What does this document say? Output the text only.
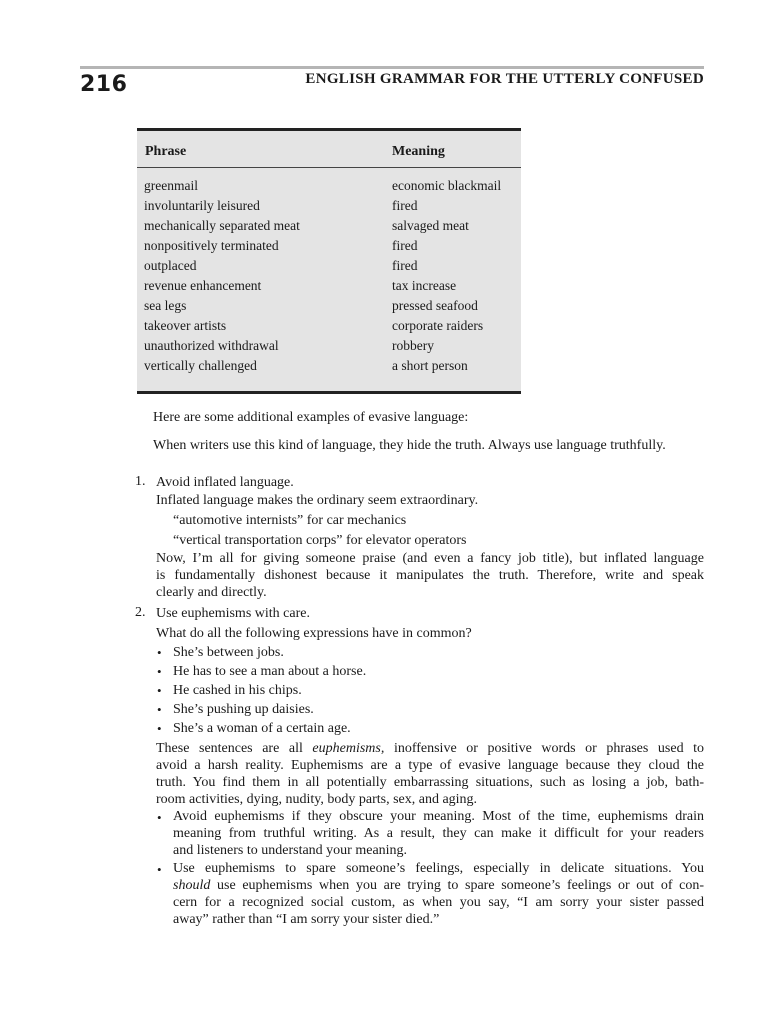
216	ENGLISH GRAMMAR FOR THE UTTERLY CONFUSED
Phrase	Meaning
greenmail	economic blackmail
involuntarily leisured	fired
mechanically separated meat	salvaged meat
nonpositively terminated	fired
outplaced	fired
revenue enhancement	tax increase
sea legs	pressed seafood
takeover artists	corporate raiders
unauthorized withdrawal	robbery
vertically challenged	a short person
Here are some additional examples of evasive language:
When writers use this kind of language, they hide the truth. Always use language truthfully.
1. Avoid inflated language.
Inflated language makes the ordinary seem extraordinary.
“automotive internists” for car mechanics
“vertical transportation corps” for elevator operators
Now, I’m all for giving someone praise (and even a fancy job title), but inflated language
is fundamentally dishonest because it manipulates the truth. Therefore, write and speak
clearly and directly.
2. Use euphemisms with care.
What do all the following expressions have in common?
• She’s between jobs.
• He has to see a man about a horse.
• He cashed in his chips.
• She’s pushing up daisies.
• She’s a woman of a certain age.
These sentences are all euphemisms, inoffensive or positive words or phrases used to
avoid a harsh reality. Euphemisms are a type of evasive language because they cloud the
truth. You find them in all potentially embarrassing situations, such as losing a job, bath-
room activities, dying, nudity, body parts, sex, and aging.
• Avoid euphemisms if they obscure your meaning. Most of the time, euphemisms drain
meaning from truthful writing. As a result, they can make it difficult for your readers
and listeners to understand your meaning.
• Use euphemisms to spare someone’s feelings, especially in delicate situations. You
should use euphemisms when you are trying to spare someone’s feelings or out of con-
cern for a recognized social custom, as when you say, “I am sorry your sister passed
away” rather than “I am sorry your sister died.”
